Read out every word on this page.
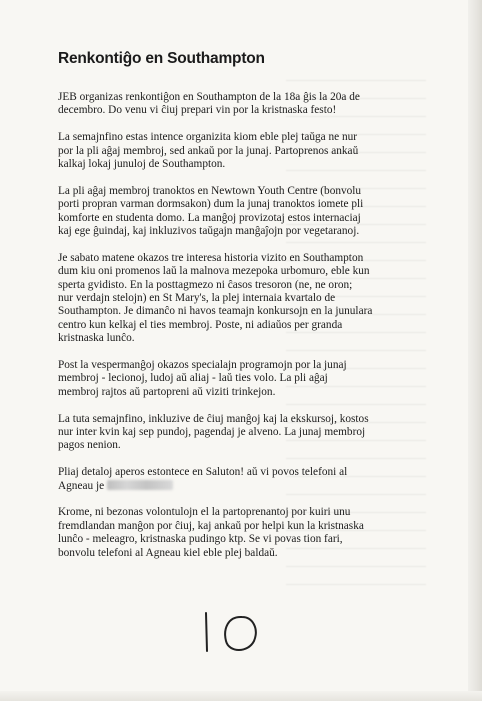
Renkontiĝo en Southampton

JEB organizas renkontiĝon en Southampton de la 18a ĝis la 20a de
decembro. Do venu vi ĉiuj prepari vin por la kristnaska festo!

La semajnfino estas intence organizita kiom eble plej taŭga ne nur
por la pli aĝaj membroj, sed ankaŭ por la junaj. Partoprenos ankaŭ
kalkaj lokaj junuloj de Southampton.

La pli aĝaj membroj tranoktos en Newtown Youth Centre (bonvolu
porti propran varman dormsakon) dum la junaj tranoktos iomete pli
komforte en studenta domo. La manĝoj provizotaj estos internaciaj
kaj ege ĝuindaj, kaj inkluzivos taŭgajn manĝaĵojn por vegetaranoj.

Je sabato matene okazos tre interesa historia vizito en Southampton
dum kiu oni promenos laŭ la malnova mezepoka urbomuro, eble kun
sperta gvidisto. En la posttagmezo ni ĉasos tresoron (ne, ne oron;
nur verdajn stelojn) en St Mary's, la plej internaia kvartalo de
Southampton. Je dimanĉo ni havos teamajn konkursojn en la junulara
centro kun kelkaj el ties membroj. Poste, ni adiaŭos per granda
kristnaska lunĉo.

Post la vespermanĝoj okazos specialajn programojn por la junaj
membroj - lecionoj, ludoj aŭ aliaj - laŭ ties volo. La pli aĝaj
membroj rajtos aŭ partopreni aŭ viziti trinkejon.

La tuta semajnfino, inkluzive de ĉiuj manĝoj kaj la ekskursoj, kostos
nur inter kvin kaj sep pundoj, pagendaj je alveno. La junaj membroj
pagos nenion.

Pliaj detaloj aperos estontece en Saluton! aŭ vi povos telefoni al
Agneau je

Krome, ni bezonas volontulojn el la partoprenantoj por kuiri unu
fremdlandan manĝon por ĉiuj, kaj ankaŭ por helpi kun la kristnaska
lunĉo - meleagro, kristnaska pudingo ktp. Se vi povas tion fari,
bonvolu telefoni al Agneau kiel eble plej baldaŭ.
